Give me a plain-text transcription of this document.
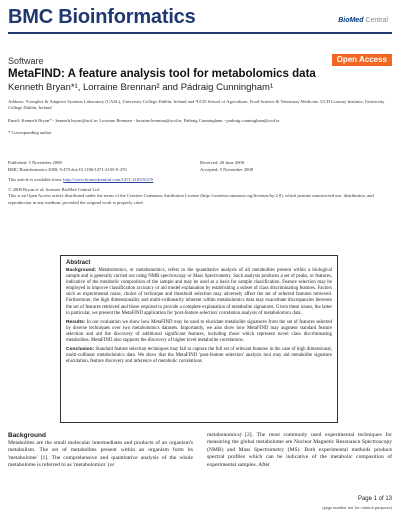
BMC Bioinformatics	BioMed Central
Software	Open Access
MetaFIND: A feature analysis tool for metabolomics data
Kenneth Bryan*¹, Lorraine Brennan² and Pádraig Cunningham¹
Address: ¹Complex & Adaptive Systems Laboratory (CASL), University College Dublin, Ireland and ²UCD School of Agriculture, Food Science & Veterinary Medicine, UCD Conway Institute, University College Dublin, Ireland
Email: Kenneth Bryan* - kenneth.bryan@ucd.ie; Lorraine Brennan - lorraine.brennan@ucd.ie; Pádraig Cunningham - padraig.cunningham@ucd.ie
* Corresponding author
Published: 5 November 2008
BMC Bioinformatics 2008, 9:470 doi:10.1186/1471-2105-9-470
Received: 26 June 2008
Accepted: 5 November 2008
This article is available from: http://www.biomedcentral.com/1471-2105/9/470
© 2008 Bryan et al; licensee BioMed Central Ltd.
This is an Open Access article distributed under the terms of the Creative Commons Attribution License (http://creativecommons.org/licenses/by/2.0), which permits unrestricted use, distribution, and reproduction in any medium, provided the original work is properly cited.
Abstract

Background: Metabolomics, or metabonomics, refers to the quantitative analysis of all metabolites present within a biological sample and is generally carried out using NMR spectroscopy or Mass Spectrometry. Such analysis produces a set of peaks, or features, indicative of the metabolic composition of the sample and may be used as a basis for sample classification. Feature selection may be employed to improve classification accuracy or aid model explanation by establishing a subset of class discriminating features. Factors such as experimental noise, choice of technique and threshold selection may adversely affect the set of selected features retrieved. Furthermore, the high dimensionality and multi-collinearity inherent within metabolomics data may exacerbate discrepancies between the set of features retrieved and those required to provide a complete explanation of metabolite signatures. Given these issues, the latter in particular, we present the MetaFIND application for 'post-feature selection' correlation analysis of metabolomics data.

Results: In our evaluation we show how MetaFIND may be used to elucidate metabolite signatures from the set of features selected by diverse techniques over two metabolomics datasets. Importantly, we also show how MetaFIND may augment standard feature selection and aid the discovery of additional significant features, including those which represent novel class discriminating metabolites. MetaFIND also supports the discovery of higher level metabolite correlations.

Conclusion: Standard feature selection techniques may fail to capture the full set of relevant features in the case of high dimensional, multi-collinear metabolomics data. We show that the MetaFIND 'post-feature selection' analysis tool may aid metabolite signature elucidation, feature discovery and inference of metabolic correlations.

Background
Metabolites are the small molecular intermediates and products of an organism's metabolism. The set of metabolites present within an organism form its 'metabolome' [1]. The comprehensive and quantitative analysis of the whole metabolome is referred to as 'metabolomics' (or
metabonomics) [2]. The most commonly used experimental techniques for measuring the global metabolome are Nuclear Magnetic Resonance Spectroscopy (NMR) and Mass Spectrometry (MS). Both experimental methods produce spectral profiles which can be indicative of the metabolic composition of experimental samples. After
Page 1 of 13
(page number not for citation purposes)
